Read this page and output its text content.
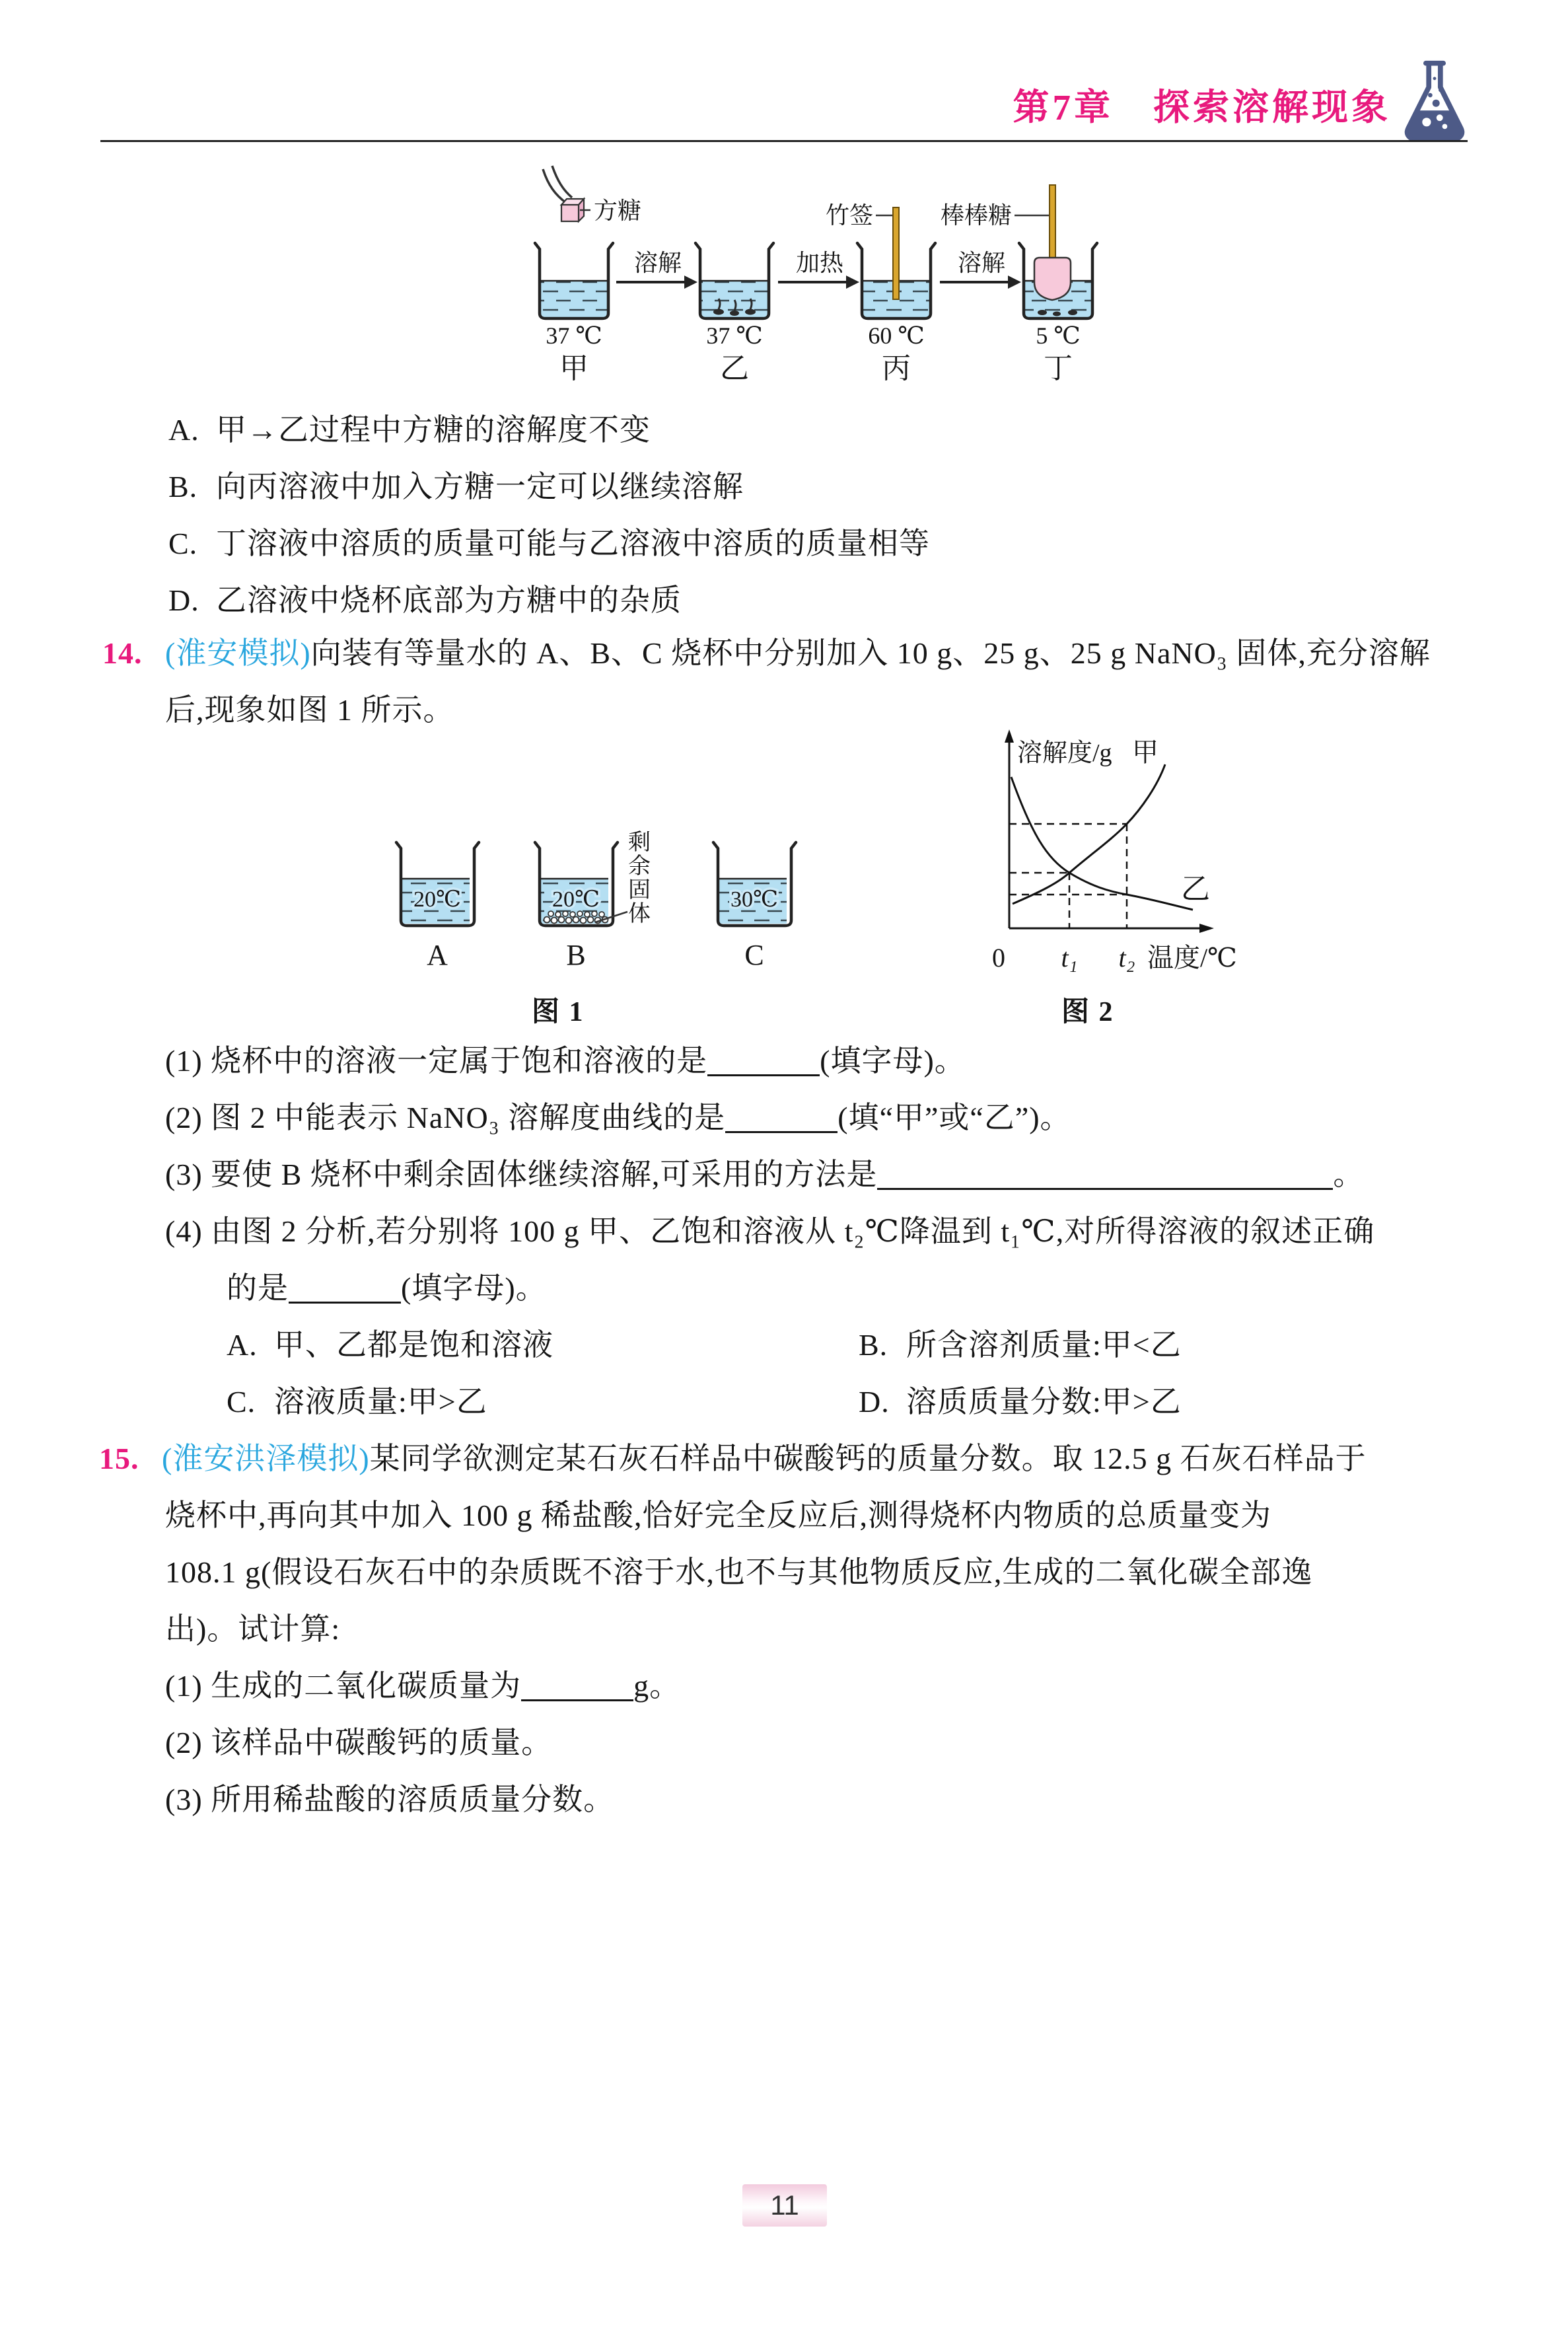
第7章　探索溶解现象
方糖
37 ℃
甲
溶解
37 ℃
乙
加热
竹签
60 ℃
丙
溶解
棒棒糖
5 ℃
丁
A. 甲→乙过程中方糖的溶解度不变
B. 向丙溶液中加入方糖一定可以继续溶解
C. 丁溶液中溶质的质量可能与乙溶液中溶质的质量相等
D. 乙溶液中烧杯底部为方糖中的杂质
14. (淮安模拟)向装有等量水的 A、B、C 烧杯中分别加入 10 g、25 g、25 g NaNO₃ 固体,充分溶解
后,现象如图 1 所示。
20℃
A
20℃
B
剩
余
固
体
30℃
C
图 1
溶解度/g 甲
乙
0 t₁ t₂ 温度/℃
图 2
(1) 烧杯中的溶液一定属于饱和溶液的是	(填字母)。
(2) 图 2 中能表示 NaNO₃ 溶解度曲线的是	(填“甲”或“乙”)。
(3) 要使 B 烧杯中剩余固体继续溶解,可采用的方法是	。
(4) 由图 2 分析,若分别将 100 g 甲、乙饱和溶液从 t₂℃降温到 t₁℃,对所得溶液的叙述正确
的是	(填字母)。
A. 甲、乙都是饱和溶液	B. 所含溶剂质量:甲<乙
C. 溶液质量:甲>乙	D. 溶质质量分数:甲>乙
15. (淮安洪泽模拟)某同学欲测定某石灰石样品中碳酸钙的质量分数。取 12.5 g 石灰石样品于
烧杯中,再向其中加入 100 g 稀盐酸,恰好完全反应后,测得烧杯内物质的总质量变为
108.1 g(假设石灰石中的杂质既不溶于水,也不与其他物质反应,生成的二氧化碳全部逸
出)。试计算:
(1) 生成的二氧化碳质量为	g。
(2) 该样品中碳酸钙的质量。
(3) 所用稀盐酸的溶质质量分数。
11
